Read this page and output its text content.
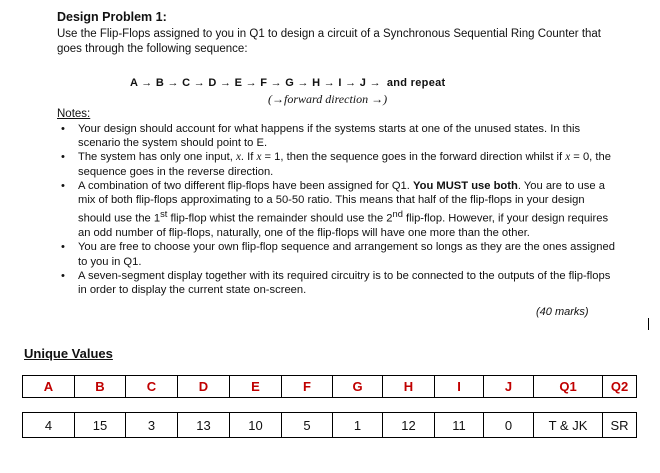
Design Problem 1:
Use the Flip-Flops assigned to you in Q1 to design a circuit of a Synchronous Sequential Ring Counter that goes through the following sequence:
A → B → C → D → E → F → G → H → I → J → and repeat
(→forward direction →)
Notes:
• Your design should account for what happens if the systems starts at one of the unused states. In this scenario the system should point to E.
• The system has only one input, x. If x = 1, then the sequence goes in the forward direction whilst if x = 0, the sequence goes in the reverse direction.
• A combination of two different flip-flops have been assigned for Q1. You MUST use both. You are to use a mix of both flip-flops approximating to a 50-50 ratio. This means that half of the flip-flops in your design should use the 1st flip-flop whist the remainder should use the 2nd flip-flop. However, if your design requires an odd number of flip-flops, naturally, one of the flip-flops will have one more than the other.
• You are free to choose your own flip-flop sequence and arrangement so longs as they are the ones assigned to you in Q1.
• A seven-segment display together with its required circuitry is to be connected to the outputs of the flip-flops in order to display the current state on-screen.
(40 marks)
Unique Values
A	B	C	D	E	F	G	H	I	J	Q1	Q2

4	15	3	13	10	5	1	12	11	0	T & JK	SR
